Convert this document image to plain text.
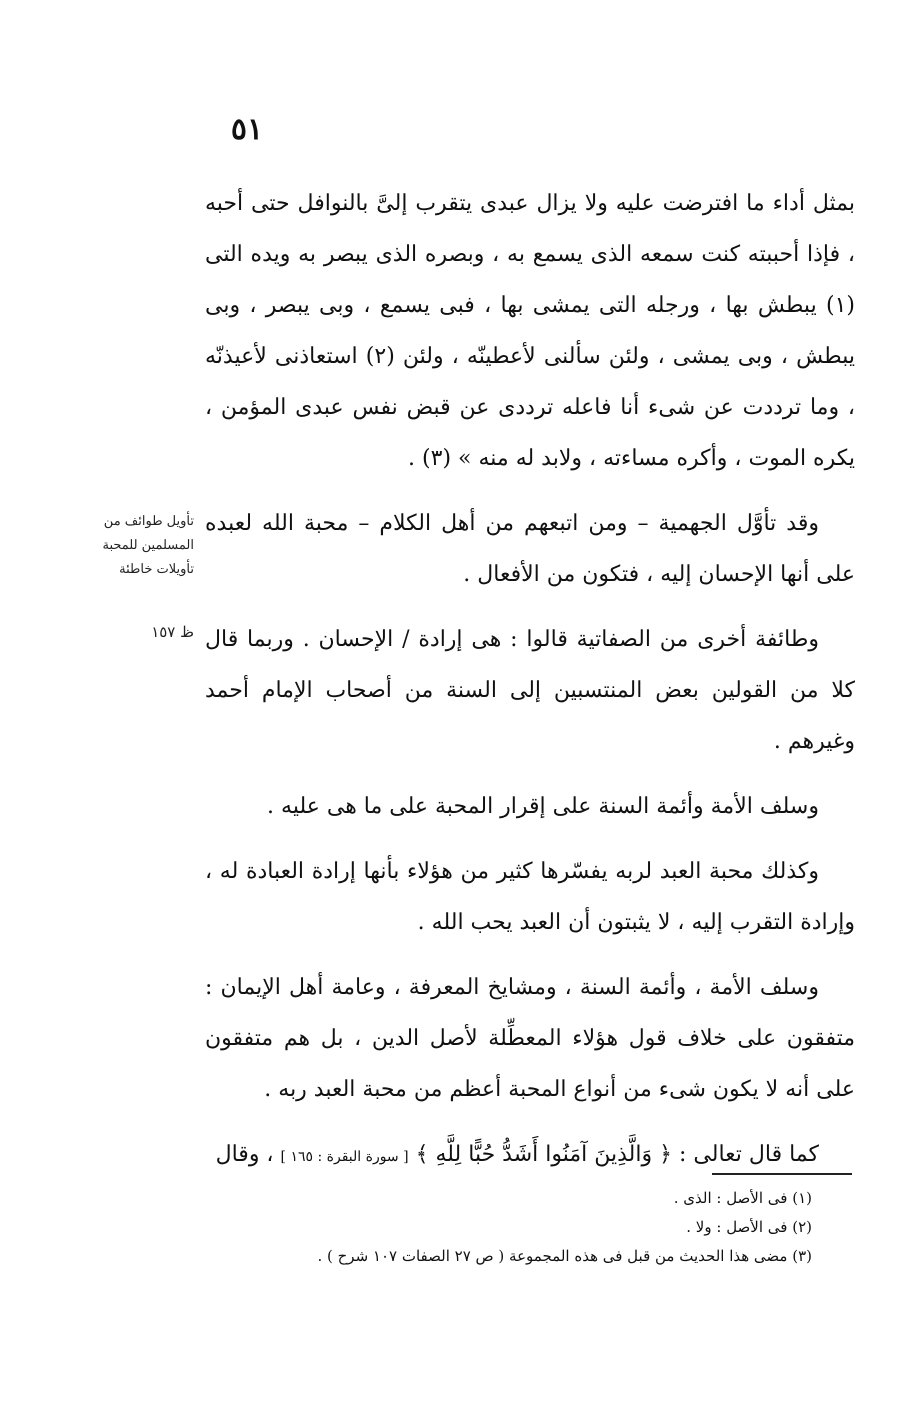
٥١
تأويل طوائف من المسلمين للمحبة تأويلات خاطئة
ظ ١٥٧

بمثل أداء ما افترضت عليه ولا يزال عبدى يتقرب إلىَّ بالنوافل حتى أحبه ، فإذا أحببته كنت سمعه الذى يسمع به ، وبصره الذى يبصر به ويده التى (١) يبطش بها ، ورجله التى يمشى بها ، فبى يسمع ، وبى يبصر ، وبى يبطش ، وبى يمشى ، ولئن سألنى لأعطينّه ، ولئن (٢) استعاذنى لأعيذنّه ، وما ترددت عن شىء أنا فاعله ترددى عن قبض نفس عبدى المؤمن ، يكره الموت ، وأكره مساءته ، ولابد له منه » (٣) .

وقد تأوَّل الجهمية – ومن اتبعهم من أهل الكلام – محبة الله لعبده على أنها الإحسان إليه ، فتكون من الأفعال .

وطائفة أخرى من الصفاتية قالوا : هى إرادة / الإحسان . وربما قال كلا من القولين بعض المنتسبين إلى السنة من أصحاب الإمام أحمد وغيرهم .

وسلف الأمة وأئمة السنة على إقرار المحبة على ما هى عليه .

وكذلك محبة العبد لربه يفسّرها كثير من هؤلاء بأنها إرادة العبادة له ، وإرادة التقرب إليه ، لا يثبتون أن العبد يحب الله .

وسلف الأمة ، وأئمة السنة ، ومشايخ المعرفة ، وعامة أهل الإيمان : متفقون على خلاف قول هؤلاء المعطِّلة لأصل الدين ، بل هم متفقون على أنه لا يكون شىء من أنواع المحبة أعظم من محبة العبد ربه .

كما قال تعالى : ﴿ وَالَّذِينَ آمَنُوا أَشَدُّ حُبًّا لِلَّهِ ﴾ [ سورة البقرة : ١٦٥ ] ، وقال

(١) فى الأصل : الذى .
(٢) فى الأصل : ولا .
(٣) مضى هذا الحديث من قبل فى هذه المجموعة ( ص ٢٧ الصفات ١٠٧ شرح ) .
